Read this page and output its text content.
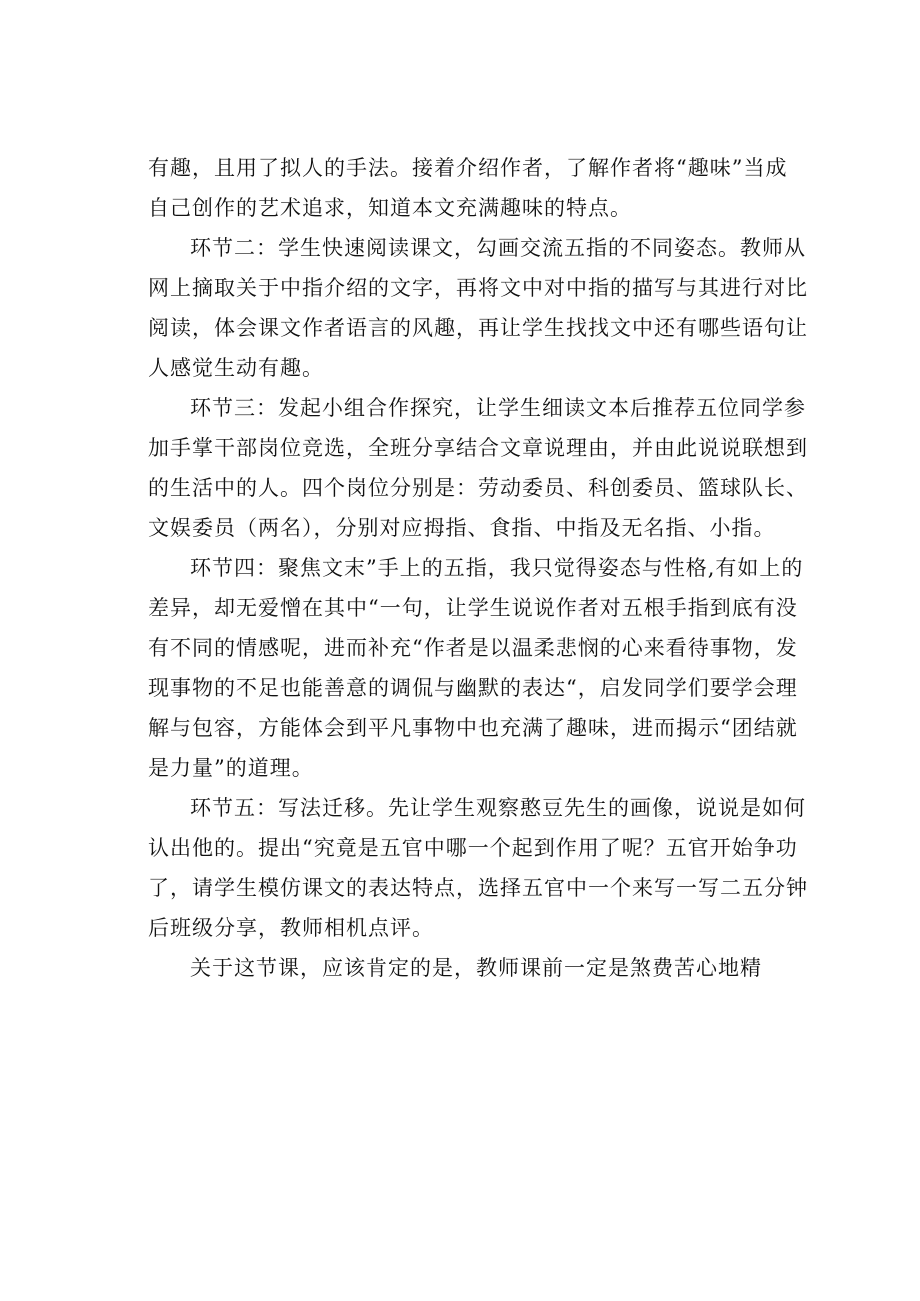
有趣，且用了拟人的手法。接着介绍作者，了解作者将“趣味”当成自己创作的艺术追求，知道本文充满趣味的特点。

环节二：学生快速阅读课文，勾画交流五指的不同姿态。教师从网上摘取关于中指介绍的文字，再将文中对中指的描写与其进行对比阅读，体会课文作者语言的风趣，再让学生找找文中还有哪些语句让人感觉生动有趣。

环节三：发起小组合作探究，让学生细读文本后推荐五位同学参加手掌干部岗位竞选，全班分享结合文章说理由，并由此说说联想到的生活中的人。四个岗位分别是：劳动委员、科创委员、篮球队长、文娱委员（两名），分别对应拇指、食指、中指及无名指、小指。

环节四：聚焦文末”手上的五指，我只觉得姿态与性格,有如上的差异，却无爱憎在其中“一句，让学生说说作者对五根手指到底有没有不同的情感呢，进而补充“作者是以温柔悲悯的心来看待事物，发现事物的不足也能善意的调侃与幽默的表达“，启发同学们要学会理解与包容，方能体会到平凡事物中也充满了趣味，进而揭示“团结就是力量”的道理。

环节五：写法迁移。先让学生观察憨豆先生的画像，说说是如何认出他的。提出“究竟是五官中哪一个起到作用了呢？五官开始争功了，请学生模仿课文的表达特点，选择五官中一个来写一写二五分钟后班级分享，教师相机点评。

关于这节课，应该肯定的是，教师课前一定是煞费苦心地精
